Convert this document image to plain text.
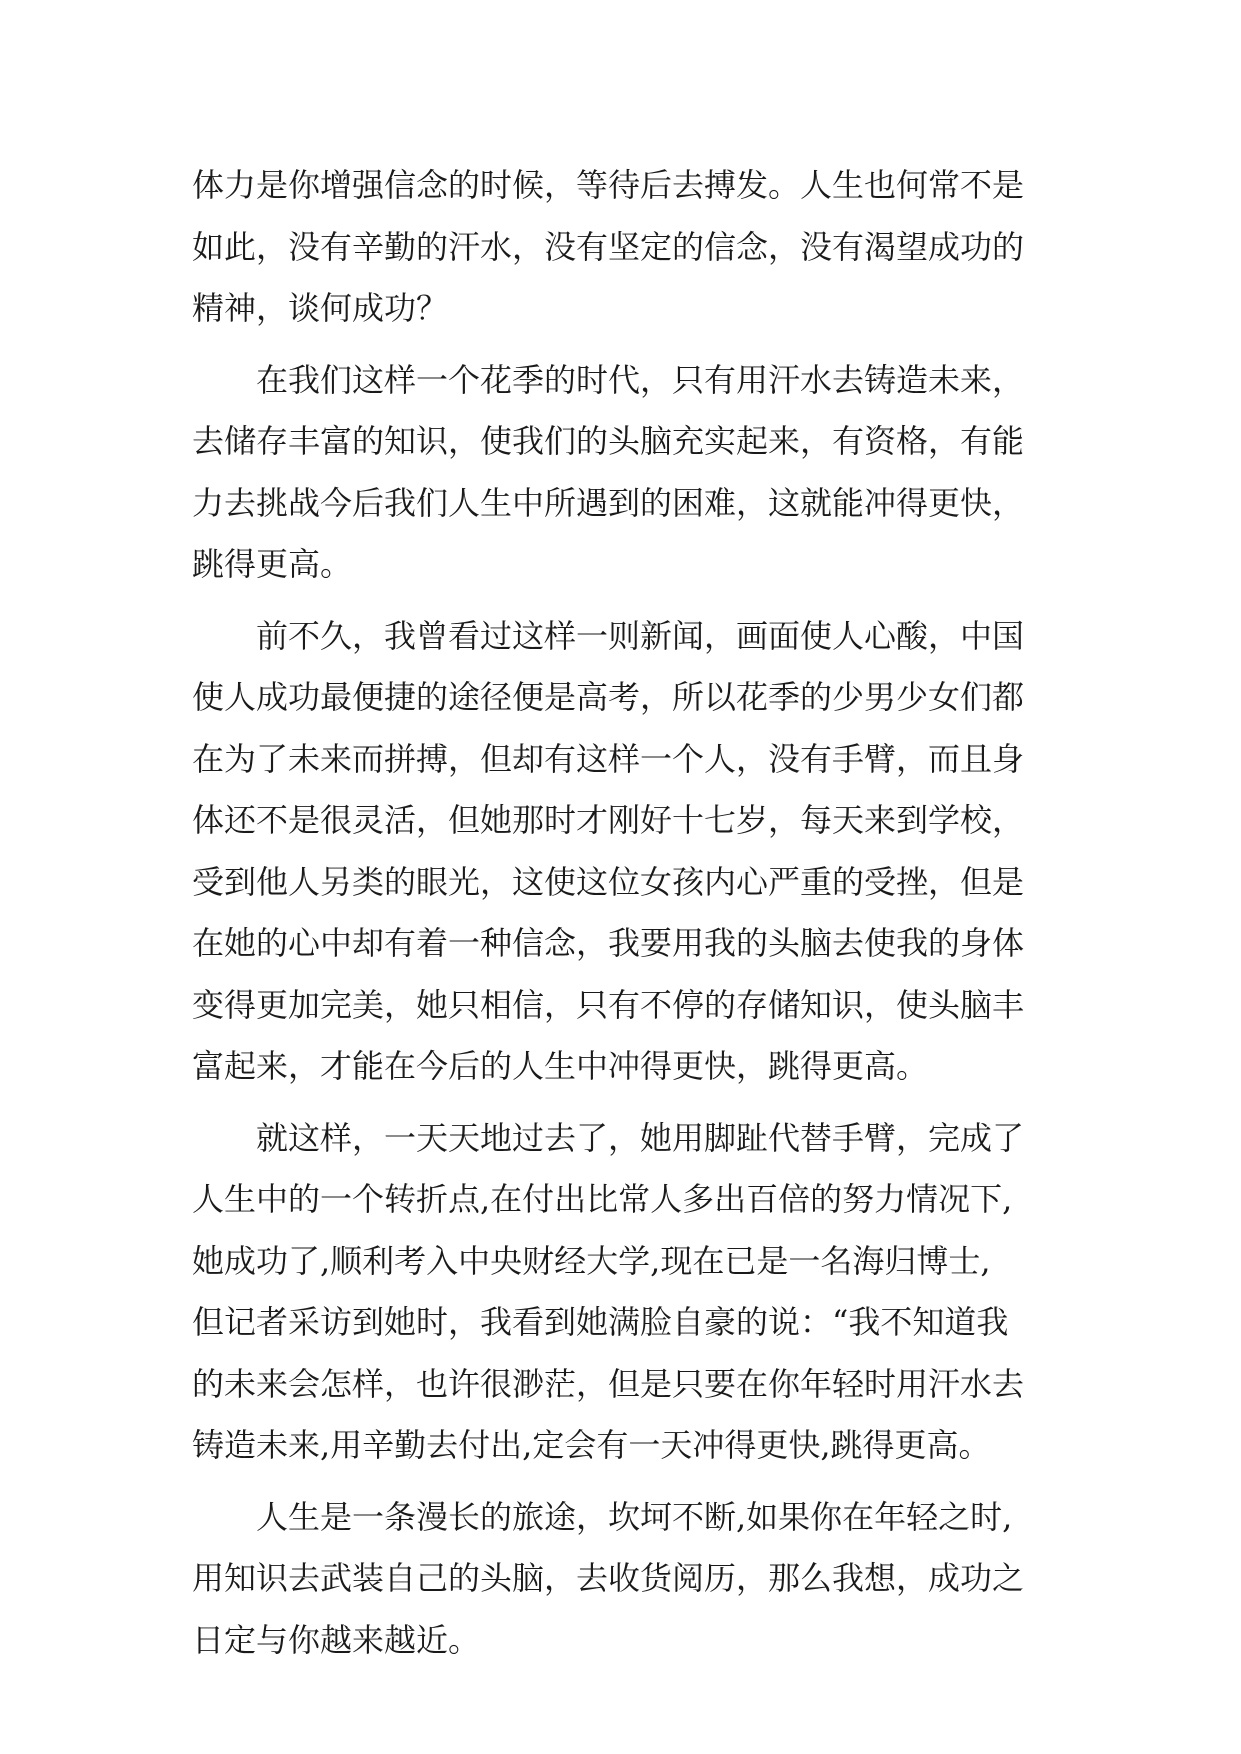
体力是你增强信念的时候，等待后去搏发。人生也何常不是
如此，没有辛勤的汗水，没有坚定的信念，没有渴望成功的
精神，谈何成功？
在我们这样一个花季的时代，只有用汗水去铸造未来，
去储存丰富的知识，使我们的头脑充实起来，有资格，有能
力去挑战今后我们人生中所遇到的困难，这就能冲得更快，
跳得更高。
前不久，我曾看过这样一则新闻，画面使人心酸，中国
使人成功最便捷的途径便是高考，所以花季的少男少女们都
在为了未来而拼搏，但却有这样一个人，没有手臂，而且身
体还不是很灵活，但她那时才刚好十七岁，每天来到学校，
受到他人另类的眼光，这使这位女孩内心严重的受挫，但是
在她的心中却有着一种信念，我要用我的头脑去使我的身体
变得更加完美，她只相信，只有不停的存储知识，使头脑丰
富起来，才能在今后的人生中冲得更快，跳得更高。
就这样，一天天地过去了，她用脚趾代替手臂，完成了
人生中的一个转折点,在付出比常人多出百倍的努力情况下,
她成功了,顺利考入中央财经大学,现在已是一名海归博士,
但记者采访到她时，我看到她满脸自豪的说：“我不知道我
的未来会怎样，也许很渺茫，但是只要在你年轻时用汗水去
铸造未来,用辛勤去付出,定会有一天冲得更快,跳得更高。
人生是一条漫长的旅途，坎坷不断,如果你在年轻之时,
用知识去武装自己的头脑，去收货阅历，那么我想，成功之
日定与你越来越近。
